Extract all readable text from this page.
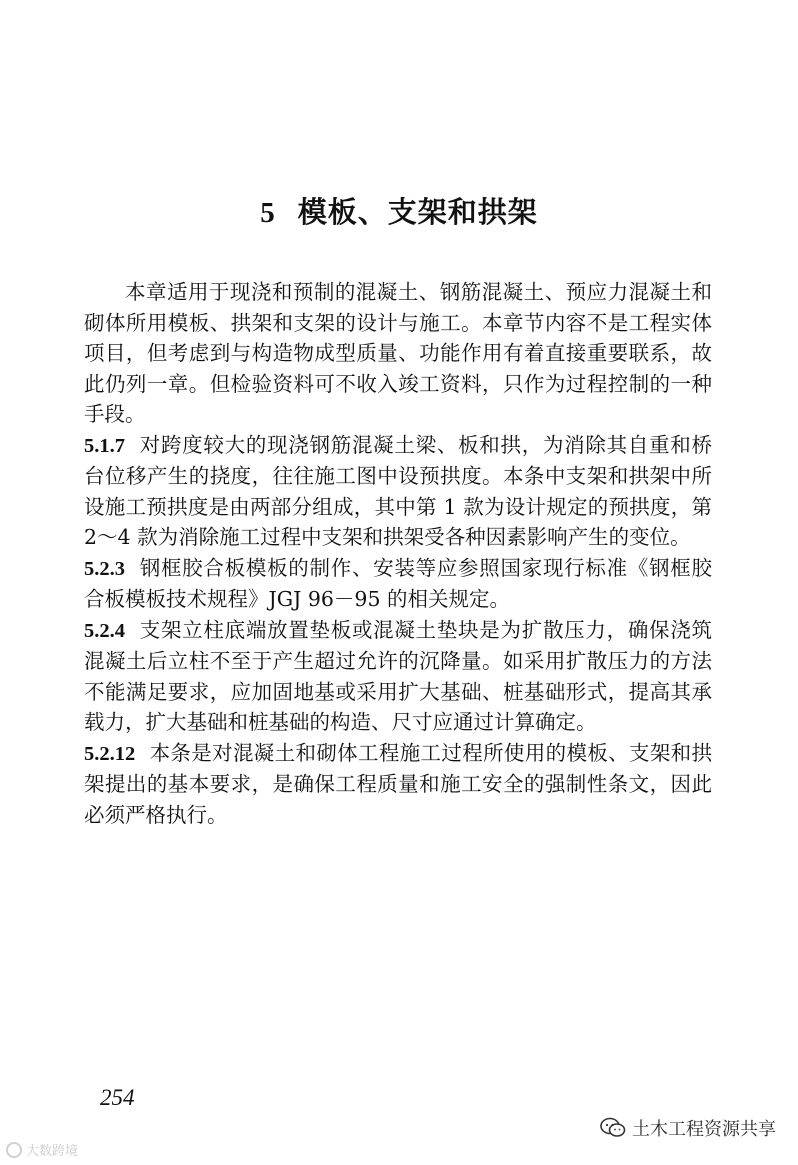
5 模板、支架和拱架

本章适用于现浇和预制的混凝土、钢筋混凝土、预应力混凝土和砌体所用模板、拱架和支架的设计与施工。本章节内容不是工程实体项目，但考虑到与构造物成型质量、功能作用有着直接重要联系，故此仍列一章。但检验资料可不收入竣工资料，只作为过程控制的一种手段。

5.1.7 对跨度较大的现浇钢筋混凝土梁、板和拱，为消除其自重和桥台位移产生的挠度，往往施工图中设预拱度。本条中支架和拱架中所设施工预拱度是由两部分组成，其中第 1 款为设计规定的预拱度，第 2～4 款为消除施工过程中支架和拱架受各种因素影响产生的变位。

5.2.3 钢框胶合板模板的制作、安装等应参照国家现行标准《钢框胶合板模板技术规程》JGJ 96－95 的相关规定。

5.2.4 支架立柱底端放置垫板或混凝土垫块是为扩散压力，确保浇筑混凝土后立柱不至于产生超过允许的沉降量。如采用扩散压力的方法不能满足要求，应加固地基或采用扩大基础、桩基础形式，提高其承载力，扩大基础和桩基础的构造、尺寸应通过计算确定。

5.2.12 本条是对混凝土和砌体工程施工过程所使用的模板、支架和拱架提出的基本要求，是确保工程质量和施工安全的强制性条文，因此必须严格执行。

254
大数跨境
土木工程资源共享
